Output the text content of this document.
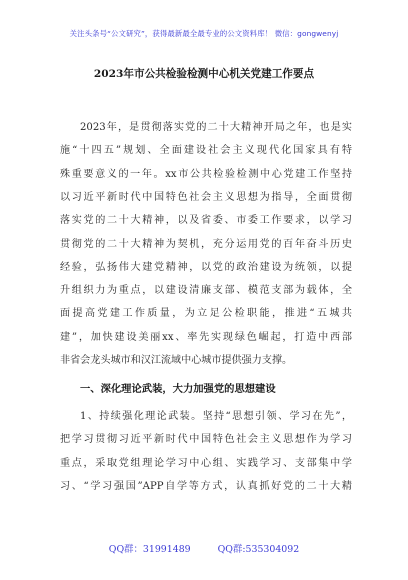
关注头条号“公文研究”，获得最新最全最专业的公文资料库！ 微信：gongwenyj
2023年市公共检验检测中心机关党建工作要点
2023年，是贯彻落实党的二十大精神开局之年，也是实
施“十四五”规划、全面建设社会主义现代化国家具有特
殊重要意义的一年。xx市公共检验检测中心党建工作坚持
以习近平新时代中国特色社会主义思想为指导，全面贯彻
落实党的二十大精神，以及省委、市委工作要求，以学习
贯彻党的二十大精神为契机，充分运用党的百年奋斗历史
经验，弘扬伟大建党精神，以党的政治建设为统领，以提
升组织力为重点，以建设清廉支部、模范支部为载体，全
面提高党建工作质量，为立足公检职能，推进“五城共
建”，加快建设美丽xx、率先实现绿色崛起，打造中西部
非省会龙头城市和汉江流域中心城市提供强力支撑。
一、深化理论武装，大力加强党的思想建设
1、持续强化理论武装。坚持“思想引领、学习在先”，
把学习贯彻习近平新时代中国特色社会主义思想作为学习
重点，采取党组理论学习中心组、实践学习、支部集中学
习、“学习强国”APP自学等方式，认真抓好党的二十大精
QQ群：31991489	QQ群:535304092
